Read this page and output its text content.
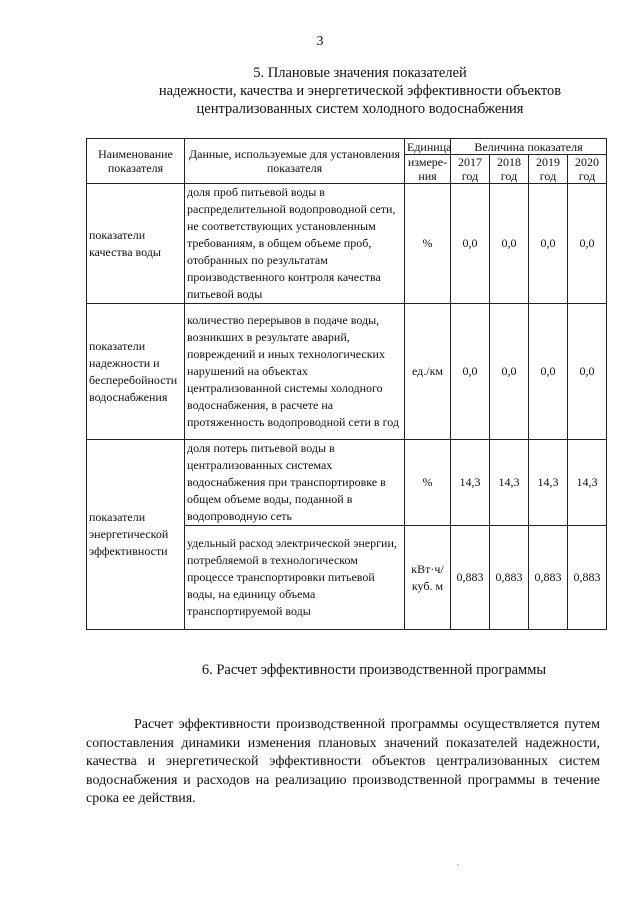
3
5. Плановые значения показателей
надежности, качества и энергетической эффективности объектов
централизованных систем холодного водоснабжения
Наименование показателя	Данные, используемые для установления показателя	Единица	Величина показателя			
		измере-ния	2017 год	2018 год	2019 год	2020 год
показатели качества воды	доля проб питьевой воды в распределительной водопроводной сети, не соответствующих установленным требованиям, в общем объеме проб, отобранных по результатам производственного контроля качества питьевой воды	%	0,0	0,0	0,0	0,0
показатели надежности и бесперебойности водоснабжения	количество перерывов в подаче воды, возникших в результате аварий, повреждений и иных технологических нарушений на объектах централизованной системы холодного водоснабжения, в расчете на протяженность водопроводной сети в год	ед./км	0,0	0,0	0,0	0,0
показатели энергетической эффективности	доля потерь питьевой воды в централизованных системах водоснабжения при транспортировке в общем объеме воды, поданной в водопроводную сеть	%	14,3	14,3	14,3	14,3
	удельный расход электрической энергии, потребляемой в технологическом процессе транспортировки питьевой воды, на единицу объема транспортируемой воды	кВт·ч/ куб. м	0,883	0,883	0,883	0,883
6. Расчет эффективности производственной программы
Расчет эффективности производственной программы осуществляется путем сопоставления динамики изменения плановых значений показателей надежности, качества и энергетической эффективности объектов централизованных систем водоснабжения и расходов на реализацию производственной программы в течение срока ее действия.
